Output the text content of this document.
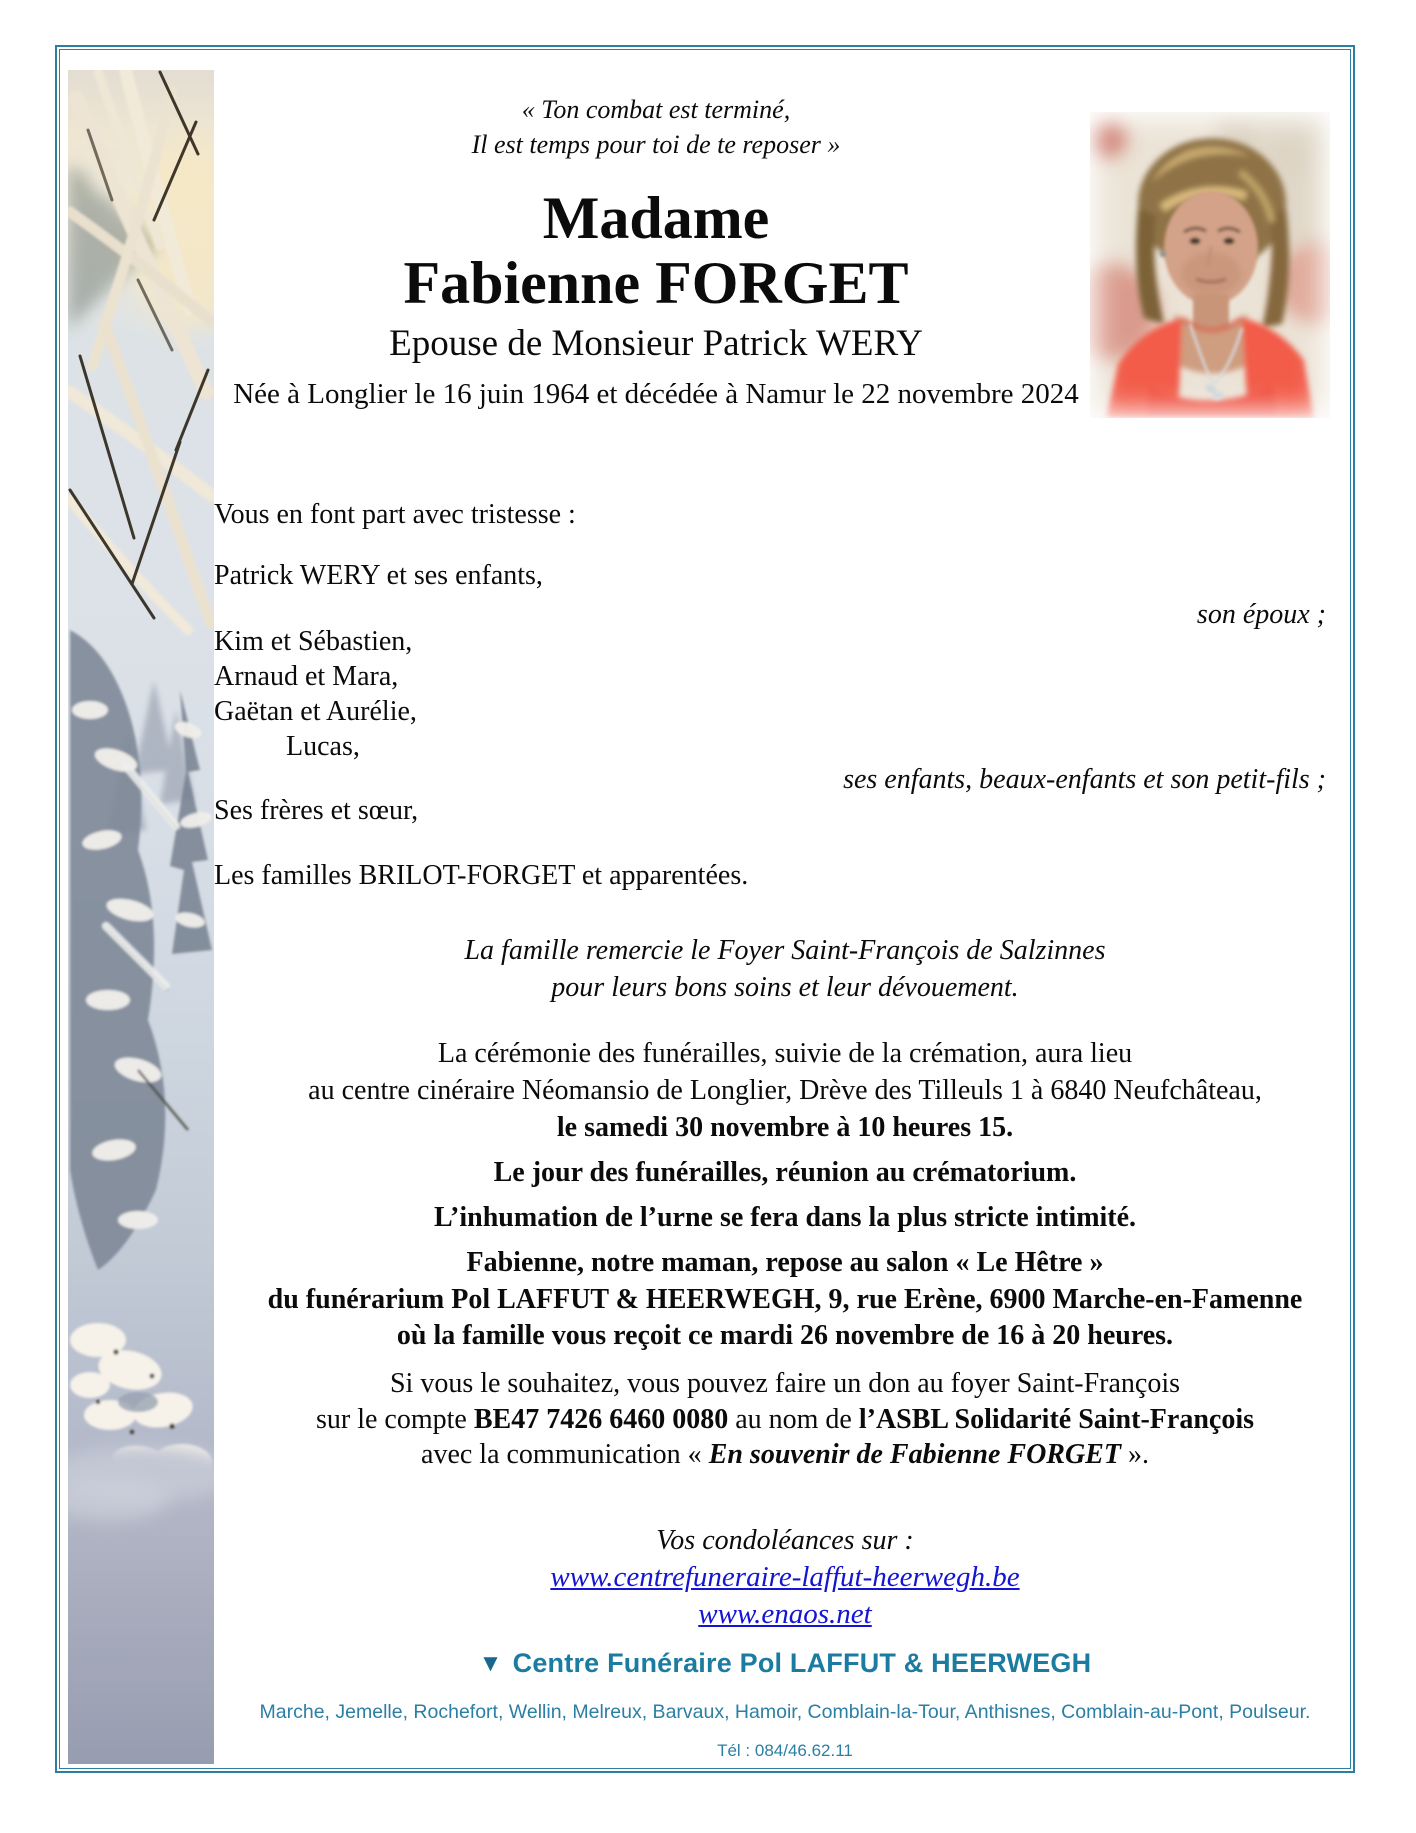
« Ton combat est terminé,
Il est temps pour toi de te reposer »
Madame
Fabienne FORGET
Epouse de Monsieur Patrick WERY
Née à Longlier le 16 juin 1964 et décédée à Namur le 22 novembre 2024
Vous en font part avec tristesse :
Patrick WERY et ses enfants,
son époux ;
Kim et Sébastien,
Arnaud et Mara,
Gaëtan et Aurélie,
Lucas,
ses enfants, beaux-enfants et son petit-fils ;
Ses frères et sœur,
Les familles BRILOT-FORGET et apparentées.
La famille remercie le Foyer Saint-François de Salzinnes
pour leurs bons soins et leur dévouement.
La cérémonie des funérailles, suivie de la crémation, aura lieu
au centre cinéraire Néomansio de Longlier, Drève des Tilleuls 1 à 6840 Neufchâteau,
le samedi 30 novembre à 10 heures 15.
Le jour des funérailles, réunion au crématorium.
L’inhumation de l’urne se fera dans la plus stricte intimité.
Fabienne, notre maman, repose au salon « Le Hêtre »
du funérarium Pol LAFFUT & HEERWEGH, 9, rue Erène, 6900 Marche-en-Famenne
où la famille vous reçoit ce mardi 26 novembre de 16 à 20 heures.
Si vous le souhaitez, vous pouvez faire un don au foyer Saint-François
sur le compte BE47 7426 6460 0080 au nom de l’ASBL Solidarité Saint-François
avec la communication « En souvenir de Fabienne FORGET ».
Vos condoléances sur :
www.centrefuneraire-laffut-heerwegh.be
www.enaos.net
▼ Centre Funéraire Pol LAFFUT & HEERWEGH
Marche, Jemelle, Rochefort, Wellin, Melreux, Barvaux, Hamoir, Comblain-la-Tour, Anthisnes, Comblain-au-Pont, Poulseur.
Tél : 084/46.62.11
